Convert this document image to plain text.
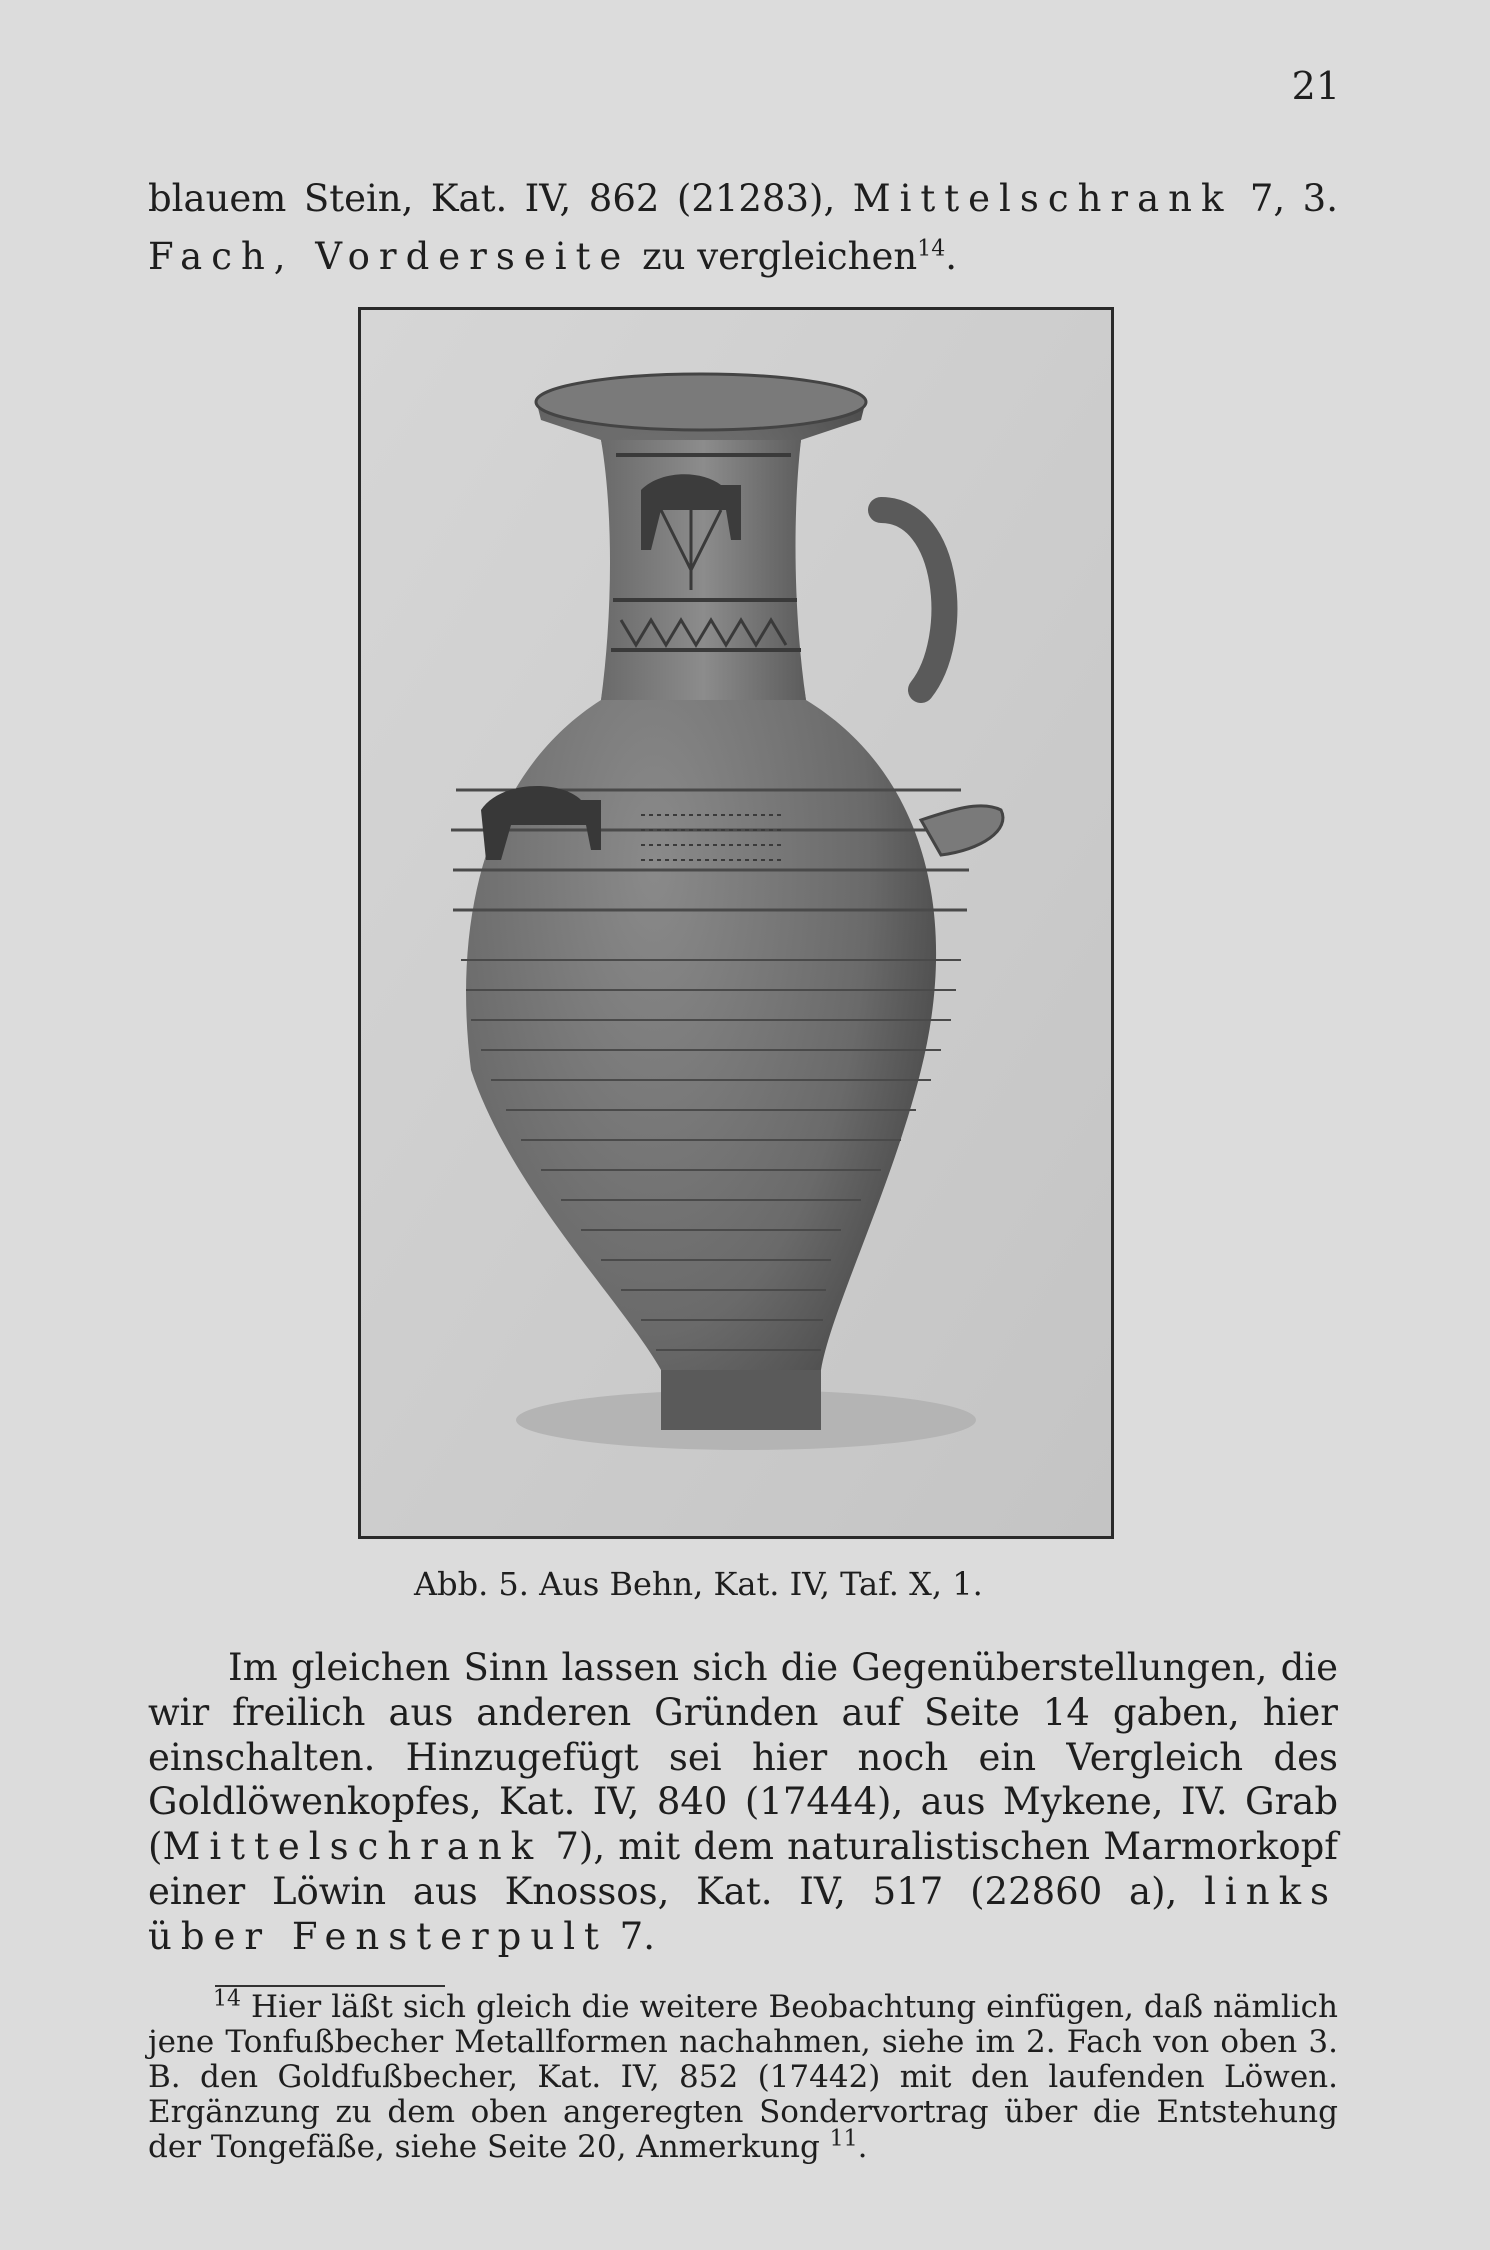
21
blauem Stein, Kat. IV, 862 (21283), Mittelschrank 7, 3. Fach, Vorderseite zu vergleichen$^{14}$.
Abb. 5. Aus Behn, Kat. IV, Taf. X, 1.
Im gleichen Sinn lassen sich die Gegenüberstellungen, die wir freilich aus anderen Gründen auf Seite 14 gaben, hier einschalten. Hinzugefügt sei hier noch ein Vergleich des Goldlöwenkopfes, Kat. IV, 840 (17444), aus Mykene, IV. Grab (Mittelschrank 7), mit dem naturalistischen Marmorkopf einer Löwin aus Knossos, Kat. IV, 517 (22860 a), links über Fensterpult 7.
$^{14}$ Hier läßt sich gleich die weitere Beobachtung einfügen, daß nämlich jene Tonfußbecher Metallformen nachahmen, siehe im 2. Fach von oben 3. B. den Goldfußbecher, Kat. IV, 852 (17442) mit den laufenden Löwen. Ergänzung zu dem oben angeregten Sondervortrag über die Entstehung der Tongefäße, siehe Seite 20, Anmerkung $^{11}$.
